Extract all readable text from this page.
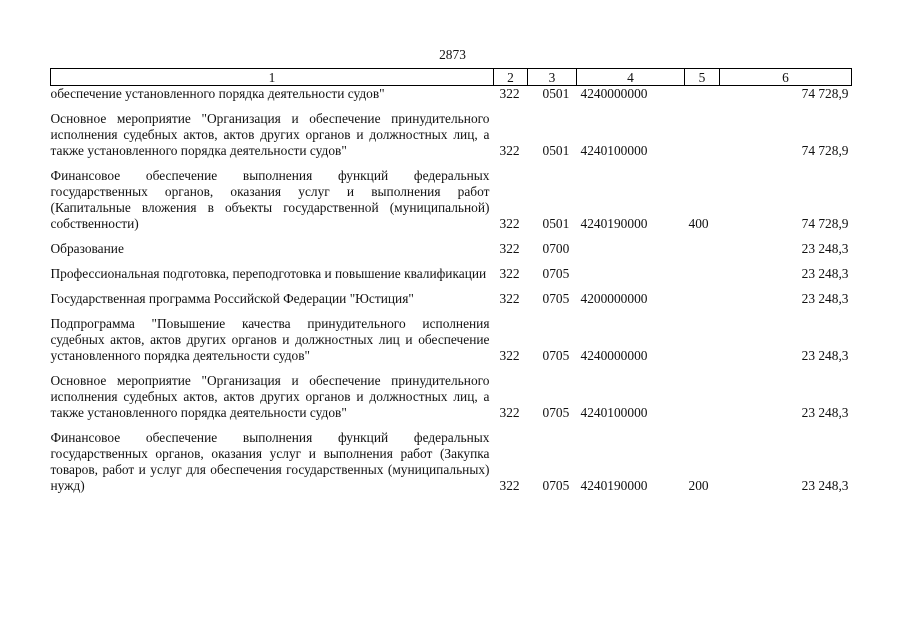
2873
1	2	3	4	5	6
обеспечение установленного порядка деятельности судов"	322	0501	4240000000		74 728,9

Основное мероприятие "Организация и обеспечение принудительного исполнения судебных актов, актов других органов и должностных лиц, а также установленного порядка деятельности судов"	322	0501	4240100000		74 728,9

Финансовое обеспечение выполнения функций федеральных государственных органов, оказания услуг и выполнения работ (Капитальные вложения в объекты государственной (муниципальной) собственности)	322	0501	4240190000	400	74 728,9

Образование	322	0700			23 248,3

Профессиональная подготовка, переподготовка и повышение квалификации	322	0705			23 248,3

Государственная программа Российской Федерации "Юстиция"	322	0705	4200000000		23 248,3

Подпрограмма "Повышение качества принудительного исполнения судебных актов, актов других органов и должностных лиц и обеспечение установленного порядка деятельности судов"	322	0705	4240000000		23 248,3

Основное мероприятие "Организация и обеспечение принудительного исполнения судебных актов, актов других органов и должностных лиц, а также установленного порядка деятельности судов"	322	0705	4240100000		23 248,3

Финансовое обеспечение выполнения функций федеральных государственных органов, оказания услуг и выполнения работ (Закупка товаров, работ и услуг для обеспечения государственных (муниципальных) нужд)	322	0705	4240190000	200	23 248,3
